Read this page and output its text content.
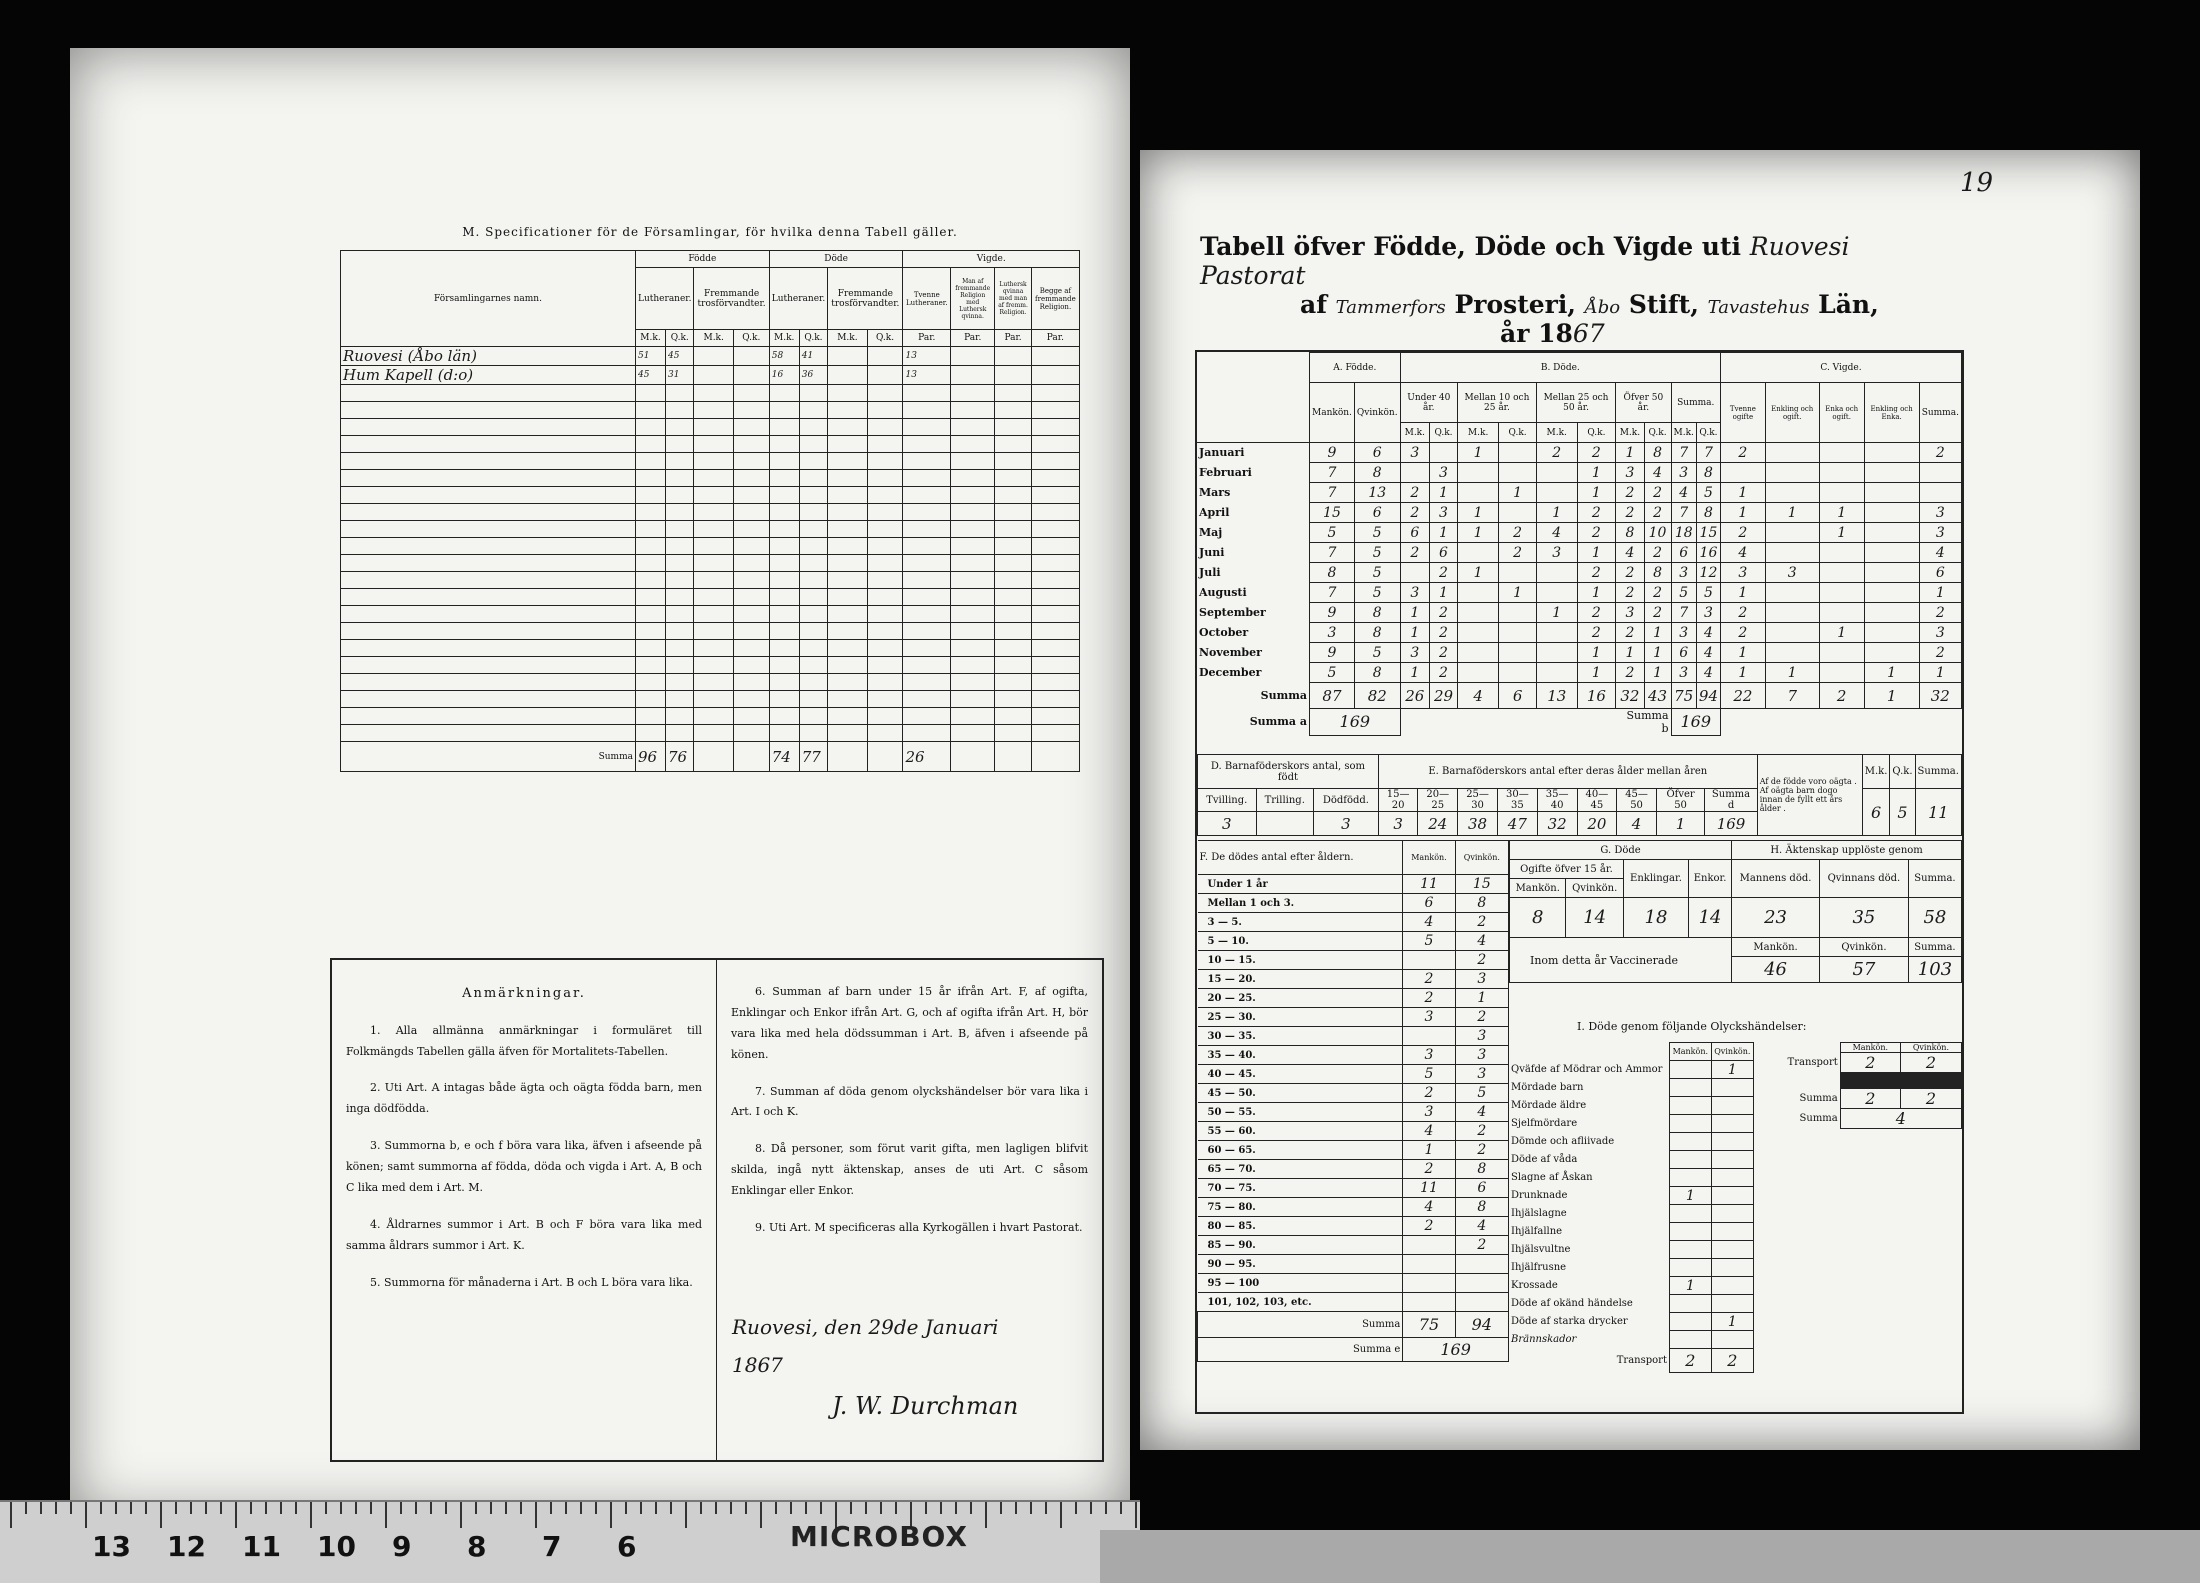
M. Specificationer för de Församlingar, för hvilka denna Tabell gäller.
Församlingarnes namn.	Födde				Döde				Vigde.			
	Lutheraner.		Fremmande trosförvandter.		Lutheraner.		Fremmande trosförvandter.		Tvenne Lutheraner.	Man af fremmande Religion med Luthersk qvinna.	Luthersk qvinna med man af fremm. Religion.	Begge af fremmande Religion.
	M.k.	Q.k.	M.k.	Q.k.	M.k.	Q.k.	M.k.	Q.k.	Par.	Par.	Par.	Par.
Ruovesi (Åbo län)	51	45			58	41			13			
Hum Kapell (d:o)	45	31			16	36			13			

Summa	96	76			74	77			26			
Anmärkningar.

1. Alla allmänna anmärkningar i formuläret till Folkmängds Tabellen gälla äfven för Mortalitets-Tabellen.

2. Uti Art. A intagas både ägta och oägta födda barn, men inga dödfödda.

3. Summorna b, e och f böra vara lika, äfven i afseende på könen; samt summorna af födda, döda och vigda i Art. A, B och C lika med dem i Art. M.

4. Åldrarnes summor i Art. B och F böra vara lika med samma åldrars summor i Art. K.

5. Summorna för månaderna i Art. B och L böra vara lika.

6. Summan af barn under 15 år ifrån Art. F, af ogifta, Enklingar och Enkor ifrån Art. G, och af ogifta ifrån Art. H, bör vara lika med hela dödssumman i Art. B, äfven i afseende på könen.

7. Summan af döda genom olyckshändelser bör vara lika i Art. I och K.

8. Då personer, som förut varit gifta, men lagligen blifvit skilda, ingå nytt äktenskap, anses de uti Art. C såsom Enklingar eller Enkor.

9. Uti Art. M specificeras alla Kyrkogällen i hvart Pastorat.

Ruovesi, den 29de Januari
1867
J. W. Durchman
19
Tabell öfver Födde, Döde och Vigde uti Ruovesi Pastorat
af Tammerfors Prosteri, Åbo Stift, Tavastehus Län,
år 1867
	A. Födde.		B. Döde.										C. Vigde.				
	Mankön.	Qvinkön.	Under 40 år.		Mellan 10 och 25 år.		Mellan 25 och 50 år.		Öfver 50 år.		Summa.		Tvenne ogifte	Enkling och ogift.	Enka och ogift.	Enkling och Enka.	Summa.
			M.k.	Q.k.	M.k.	Q.k.	M.k.	Q.k.	M.k.	Q.k.	M.k.	Q.k.					
Januari	9	6	3		1		2	2	1	8	7	7	2				2
Februari	7	8		3				1	3	4	3	8					
Mars	7	13	2	1		1		1	2	2	4	5	1				
April	15	6	2	3	1		1	2	2	2	7	8	1	1	1		3
Maj	5	5	6	1	1	2	4	2	8	10	18	15	2		1		3
Juni	7	5	2	6		2	3	1	4	2	6	16	4				4
Juli	8	5		2	1			2	2	8	3	12	3	3			6
Augusti	7	5	3	1		1		1	2	2	5	5	1				1
September	9	8	1	2			1	2	3	2	7	3	2				2
October	3	8	1	2				2	2	1	3	4	2		1		3
November	9	5	3	2				1	1	1	6	4	1				2
December	5	8	1	2				1	2	1	3	4	1	1		1	1
Summa	87	82	26	29	4	6	13	16	32	43	75	94	22	7	2	1	32
Summa a	169								Summa b		169						
D. Barnaföderskors antal, som födt			E. Barnaföderskors antal efter deras ålder mellan åren									Af de födde voro oägta .
Af oägta barn dogo innan de fyllt ett års ålder .	M.k.	Q.k.	Summa.
Tvilling.	Trilling.	Dödfödd.	15—20	20—25	25—30	30—35	35—40	40—45	45—50	Öfver 50	Summa d		6	5	11
3		3	3	24	38	47	32	20	4	1	169				
F. De dödes antal efter åldern.	Mankön.	Qvinkön.
Under 1 år	11	15
Mellan 1 och 3.	6	8
3 — 5.	4	2
5 — 10.	5	4
10 — 15.		2
15 — 20.	2	3
20 — 25.	2	1
25 — 30.	3	2
30 — 35.		3
35 — 40.	3	3
40 — 45.	5	3
45 — 50.	2	5
50 — 55.	3	4
55 — 60.	4	2
60 — 65.	1	2
65 — 70.	2	8
70 — 75.	11	6
75 — 80.	4	8
80 — 85.	2	4
85 — 90.		2
90 — 95.		
95 — 100		
101, 102, 103, etc.		
Summa	75	94
Summa e	169	
G. Döde				H. Äktenskap upplöste genom		
Ogifte öfver 15 år.		Enklingar.	Enkor.	Mannens död.	Qvinnans död.	Summa.
Mankön.	Qvinkön.					
8	14	18	14	23	35	58
Inom detta år Vaccinerade				Mankön.	Qvinkön.	Summa.
				46	57	103
I. Döde genom följande Olyckshändelser:
	Mankön.	Qvinkön.
Qväfde af Mödrar och Ammor		1
Mördade barn		
Mördade äldre		
Sjelfmördare		
Dömde och afliivade		
Döde af våda		
Slagne af Åskan		
Drunknade	1	
Ihjälslagne		
Ihjälfallne		
Ihjälsvultne		
Ihjälfrusne		
Krossade	1	
Döde af okänd händelse		
Döde af starka drycker		1
Brännskador		
Transport	2	2
	Mankön.	Qvinkön.
Transport	2	2

Summa	2	2
Summa	4	
13 12 11 10 9 8 7 6	MICROBOX
